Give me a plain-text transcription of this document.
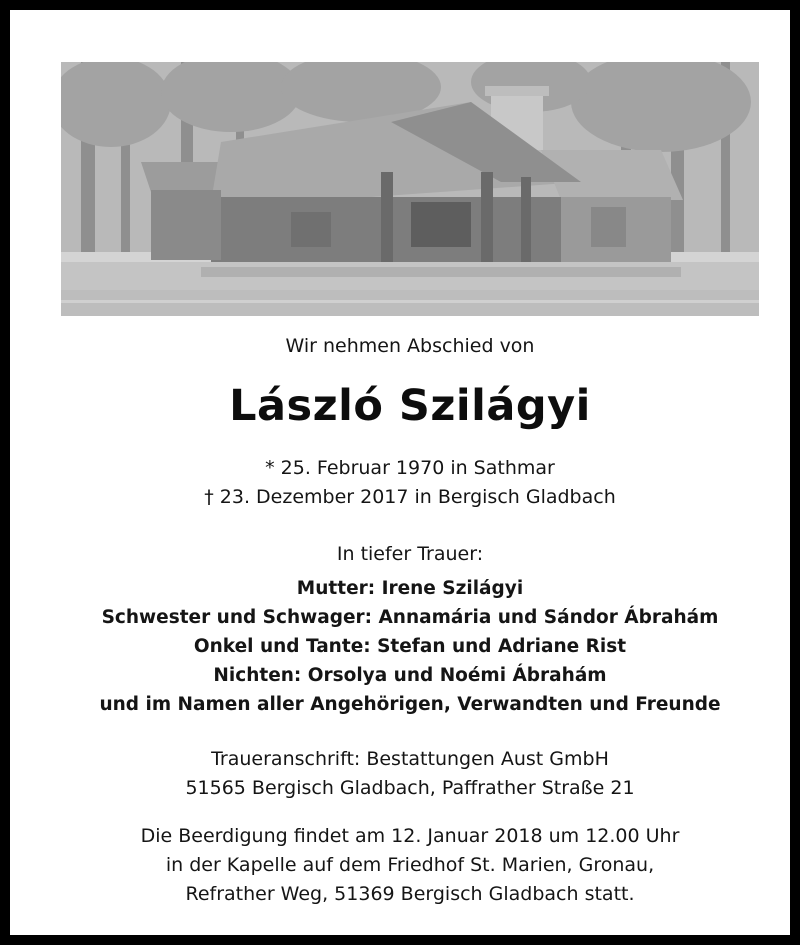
Wir nehmen Abschied von
László Szilágyi
* 25. Februar 1970 in Sathmar
† 23. Dezember 2017 in Bergisch Gladbach
In tiefer Trauer:
Mutter: Irene Szilágyi
Schwester und Schwager: Annamária und Sándor Ábrahám
Onkel und Tante: Stefan und Adriane Rist
Nichten: Orsolya und Noémi Ábrahám
und im Namen aller Angehörigen, Verwandten und Freunde
Traueranschrift: Bestattungen Aust GmbH
51565 Bergisch Gladbach, Paffrather Straße 21
Die Beerdigung findet am 12. Januar 2018 um 12.00 Uhr
in der Kapelle auf dem Friedhof St. Marien, Gronau,
Refrather Weg, 51369 Bergisch Gladbach statt.
